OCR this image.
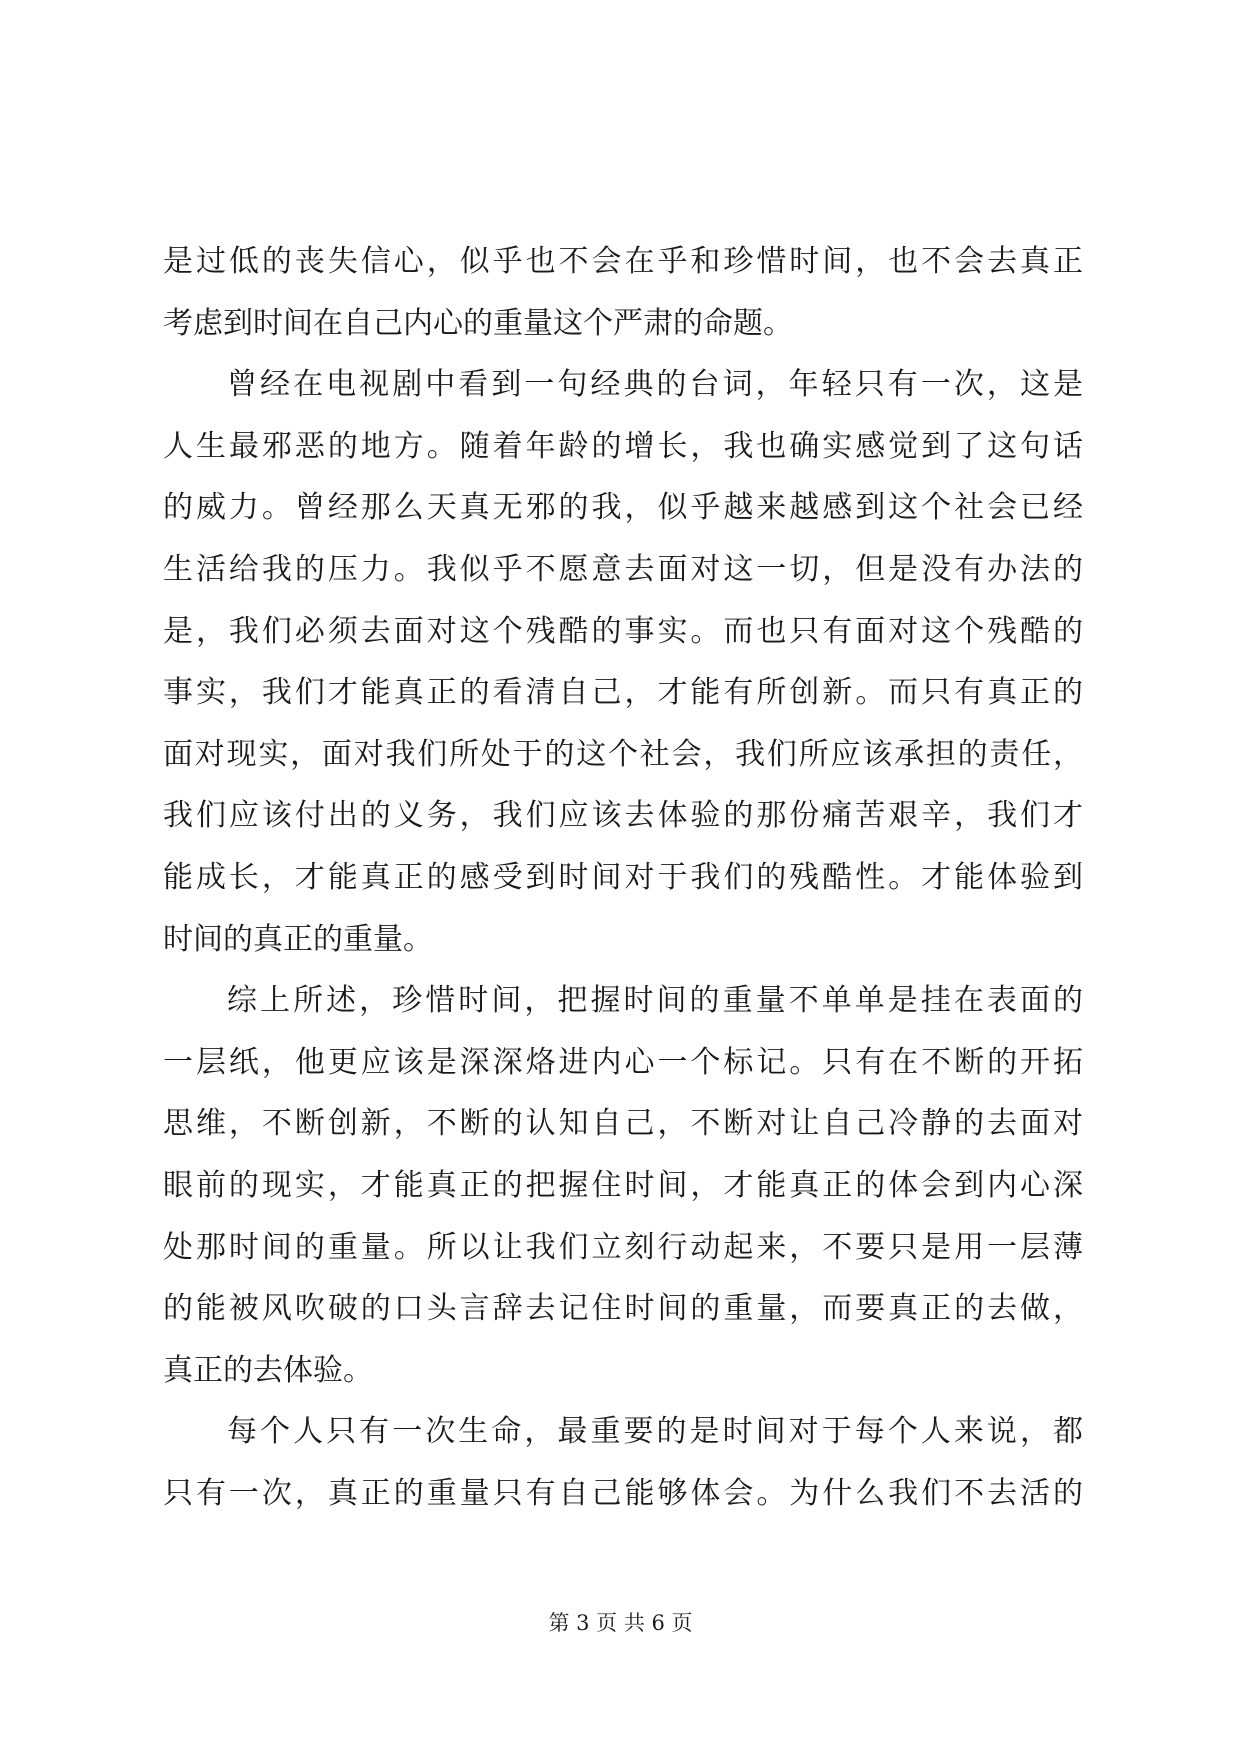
是过低的丧失信心，似乎也不会在乎和珍惜时间，也不会去真正
考虑到时间在自己内心的重量这个严肃的命题。
曾经在电视剧中看到一句经典的台词，年轻只有一次，这是
人生最邪恶的地方。随着年龄的增长，我也确实感觉到了这句话
的威力。曾经那么天真无邪的我，似乎越来越感到这个社会已经
生活给我的压力。我似乎不愿意去面对这一切，但是没有办法的
是，我们必须去面对这个残酷的事实。而也只有面对这个残酷的
事实，我们才能真正的看清自己，才能有所创新。而只有真正的
面对现实，面对我们所处于的这个社会，我们所应该承担的责任，
我们应该付出的义务，我们应该去体验的那份痛苦艰辛，我们才
能成长，才能真正的感受到时间对于我们的残酷性。才能体验到
时间的真正的重量。
综上所述，珍惜时间，把握时间的重量不单单是挂在表面的
一层纸，他更应该是深深烙进内心一个标记。只有在不断的开拓
思维，不断创新，不断的认知自己，不断对让自己冷静的去面对
眼前的现实，才能真正的把握住时间，才能真正的体会到内心深
处那时间的重量。所以让我们立刻行动起来，不要只是用一层薄
的能被风吹破的口头言辞去记住时间的重量，而要真正的去做，
真正的去体验。
每个人只有一次生命，最重要的是时间对于每个人来说，都
只有一次，真正的重量只有自己能够体会。为什么我们不去活的
第 3 页 共 6 页
